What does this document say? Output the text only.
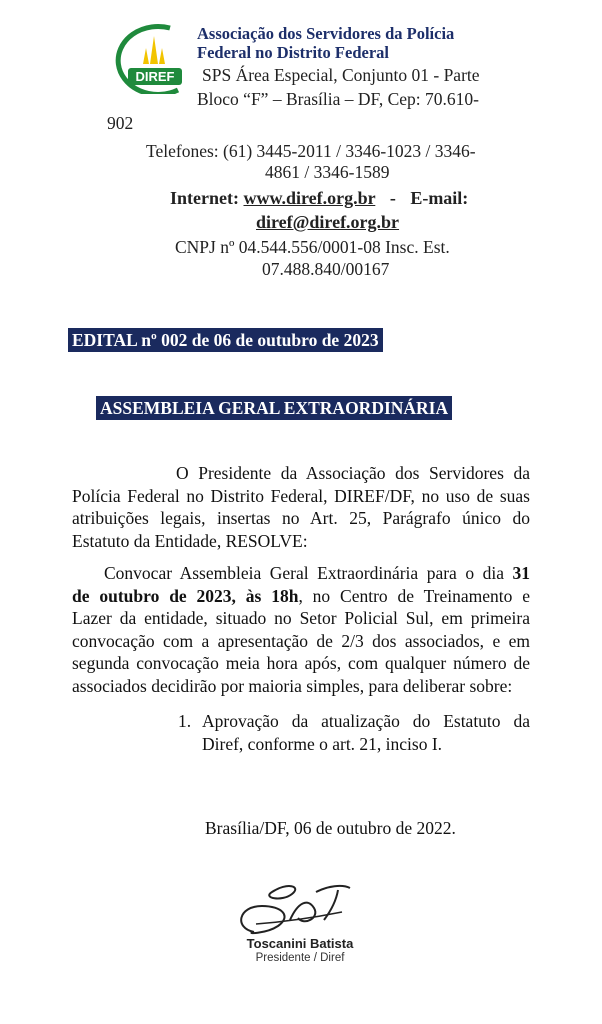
DIREF
Associação dos Servidores da Polícia
Federal no Distrito Federal
SPS Área Especial, Conjunto 01 - Parte
Bloco “F” – Brasília – DF, Cep: 70.610-
902
Telefones: (61) 3445-2011 / 3346-1023 / 3346-
4861 / 3346-1589
Internet: www.diref.org.br - E-mail:
diref@diref.org.br
CNPJ nº 04.544.556/0001-08 Insc. Est.
07.488.840/00167
EDITAL nº 002 de 06 de outubro de 2023
ASSEMBLEIA GERAL EXTRAORDINÁRIA
O Presidente da Associação dos Servidores da
Polícia Federal no Distrito Federal, DIREF/DF, no uso de suas
atribuições legais, insertas no Art. 25, Parágrafo único do
Estatuto da Entidade, RESOLVE:
Convocar Assembleia Geral Extraordinária para o dia 31
de outubro de 2023, às 18h, no Centro de Treinamento e
Lazer da entidade, situado no Setor Policial Sul, em primeira
convocação com a apresentação de 2/3 dos associados, e em
segunda convocação meia hora após, com qualquer número de
associados decidirão por maioria simples, para deliberar sobre:
1. Aprovação da atualização do Estatuto da
Diref, conforme o art. 21, inciso I.
Brasília/DF, 06 de outubro de 2022.
Toscanini Batista
Presidente / Diref
